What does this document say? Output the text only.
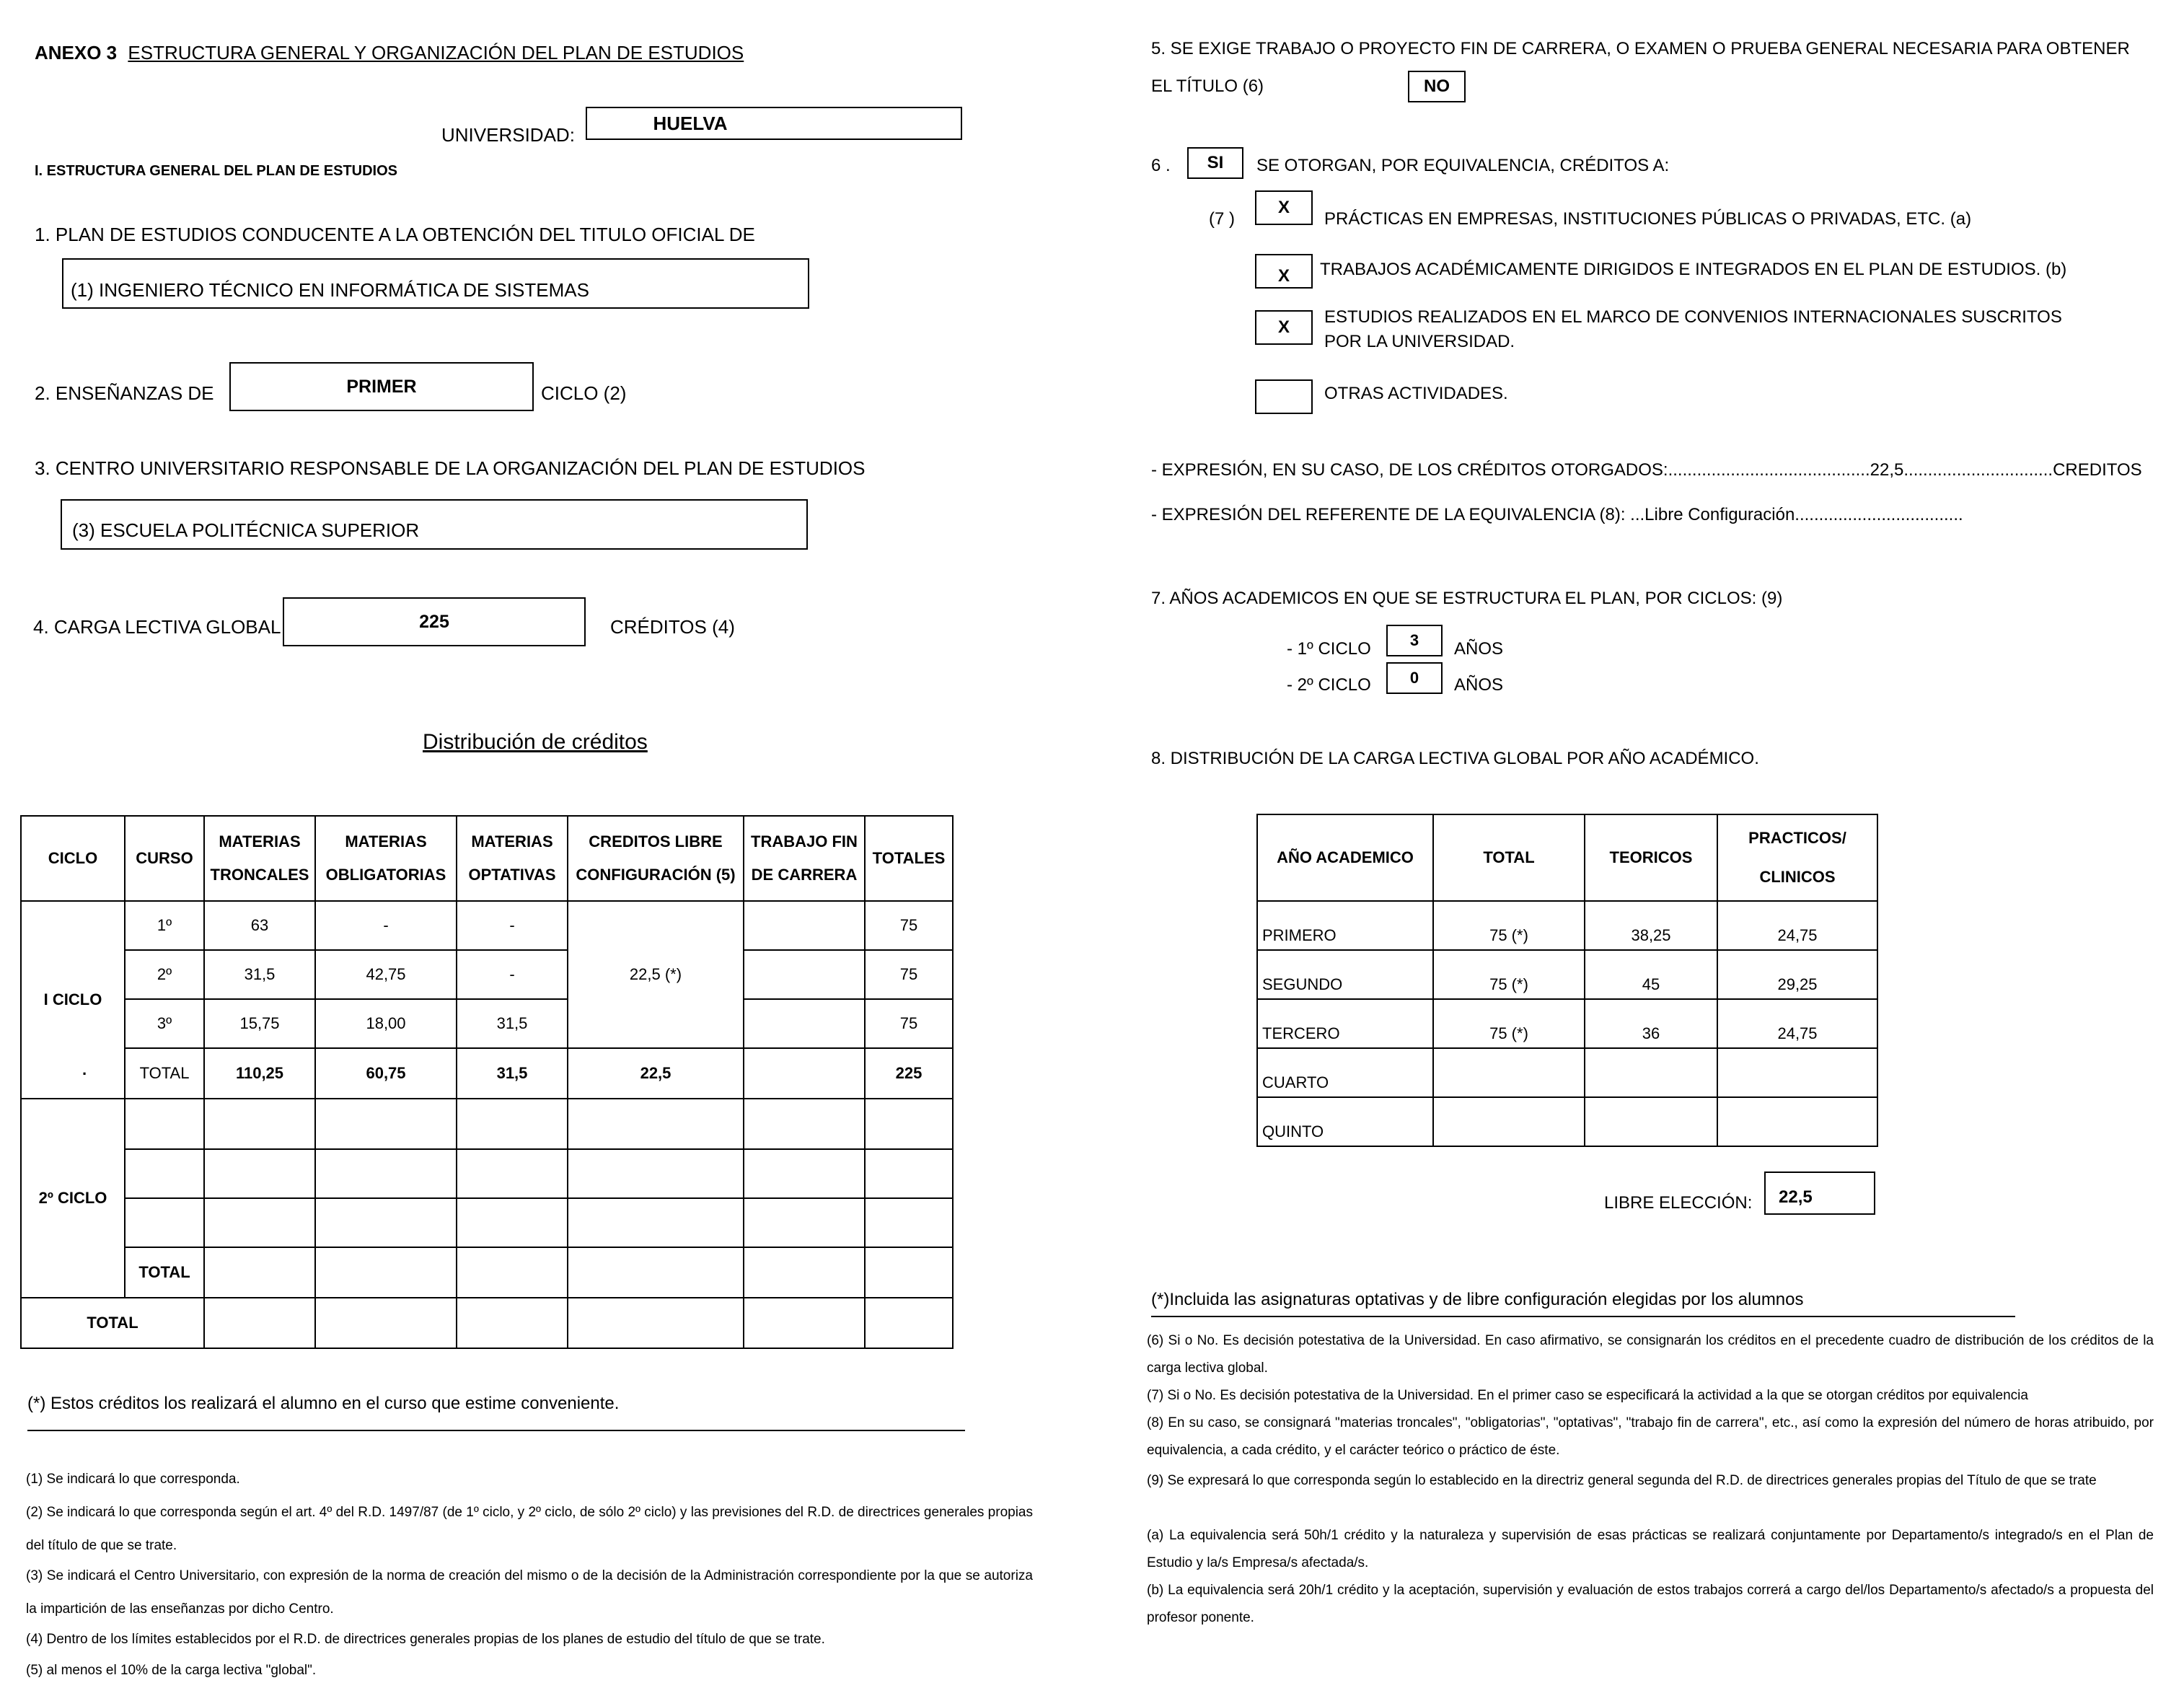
ANEXO 3 ESTRUCTURA GENERAL Y ORGANIZACIÓN DEL PLAN DE ESTUDIOS
UNIVERSIDAD:
HUELVA
I. ESTRUCTURA GENERAL DEL PLAN DE ESTUDIOS
1. PLAN DE ESTUDIOS CONDUCENTE A LA OBTENCIÓN DEL TITULO OFICIAL DE
(1) INGENIERO TÉCNICO EN INFORMÁTICA DE SISTEMAS
2. ENSEÑANZAS DE	PRIMER	CICLO (2)
3. CENTRO UNIVERSITARIO RESPONSABLE DE LA ORGANIZACIÓN DEL PLAN DE ESTUDIOS
(3) ESCUELA POLITÉCNICA SUPERIOR
4. CARGA LECTIVA GLOBAL	225	CRÉDITOS (4)
Distribución de créditos
CICLO	CURSO	MATERIAS TRONCALES	MATERIAS OBLIGATORIAS	MATERIAS OPTATIVAS	CREDITOS LIBRE CONFIGURACIÓN (5)	TRABAJO FIN DE CARRERA	TOTALES
I CICLO
·	1º	63	-	-	22,5 (*)		75
	2º	31,5	42,75	-			75
	3º	15,75	18,00	31,5			75
	TOTAL	110,25	60,75	31,5	22,5		225
2º CICLO							

	TOTAL						
TOTAL							
(*) Estos créditos los realizará el alumno en el curso que estime conveniente.
(1) Se indicará lo que corresponda.
(2) Se indicará lo que corresponda según el art. 4º del R.D. 1497/87 (de 1º ciclo, y 2º ciclo, de sólo 2º ciclo) y las previsiones del R.D. de directrices generales propias del título de que se trate.
(3) Se indicará el Centro Universitario, con expresión de la norma de creación del mismo o de la decisión de la Administración correspondiente por la que se autoriza la impartición de las enseñanzas por dicho Centro.
(4) Dentro de los límites establecidos por el R.D. de directrices generales propias de los planes de estudio del título de que se trate.
(5) al menos el 10% de la carga lectiva "global".
5. SE EXIGE TRABAJO O PROYECTO FIN DE CARRERA, O EXAMEN O PRUEBA GENERAL NECESARIA PARA OBTENER
EL TÍTULO (6)	NO
6 .	SI	SE OTORGAN, POR EQUIVALENCIA, CRÉDITOS A:
(7 )
X
PRÁCTICAS EN EMPRESAS, INSTITUCIONES PÚBLICAS O PRIVADAS, ETC. (a)
X	TRABAJOS ACADÉMICAMENTE DIRIGIDOS E INTEGRADOS EN EL PLAN DE ESTUDIOS. (b)
X
ESTUDIOS REALIZADOS EN EL MARCO DE CONVENIOS INTERNACIONALES SUSCRITOS
POR LA UNIVERSIDAD.
OTRAS ACTIVIDADES.
- EXPRESIÓN, EN SU CASO, DE LOS CRÉDITOS OTORGADOS:..........................................22,5...............................CREDITOS
- EXPRESIÓN DEL REFERENTE DE LA EQUIVALENCIA (8): ...Libre Configuración...................................
7. AÑOS ACADEMICOS EN QUE SE ESTRUCTURA EL PLAN, POR CICLOS: (9)
- 1º CICLO	3	AÑOS
- 2º CICLO	0	AÑOS
8. DISTRIBUCIÓN DE LA CARGA LECTIVA GLOBAL POR AÑO ACADÉMICO.
AÑO ACADEMICO	TOTAL	TEORICOS	PRACTICOS/ CLINICOS
PRIMERO	75 (*)	38,25	24,75
SEGUNDO	75 (*)	45	29,25
TERCERO	75 (*)	36	24,75
CUARTO			
QUINTO			
LIBRE ELECCIÓN: 22,5
(*)Incluida las asignaturas optativas y de libre configuración elegidas por los alumnos
(6) Si o No. Es decisión potestativa de la Universidad. En caso afirmativo, se consignarán los créditos en el precedente cuadro de distribución de los créditos de la carga lectiva global.
(7) Si o No. Es decisión potestativa de la Universidad. En el primer caso se especificará la actividad a la que se otorgan créditos por equivalencia
(8) En su caso, se consignará "materias troncales", "obligatorias", "optativas", "trabajo fin de carrera", etc., así como la expresión del número de horas atribuido, por equivalencia, a cada crédito, y el carácter teórico o práctico de éste.
(9) Se expresará lo que corresponda según lo establecido en la directriz general segunda del R.D. de directrices generales propias del Título de que se trate
(a) La equivalencia será 50h/1 crédito y la naturaleza y supervisión de esas prácticas se realizará conjuntamente por Departamento/s integrado/s en el Plan de Estudio y la/s Empresa/s afectada/s.
(b) La equivalencia será 20h/1 crédito y la aceptación, supervisión y evaluación de estos trabajos correrá a cargo del/los Departamento/s afectado/s a propuesta del profesor ponente.
